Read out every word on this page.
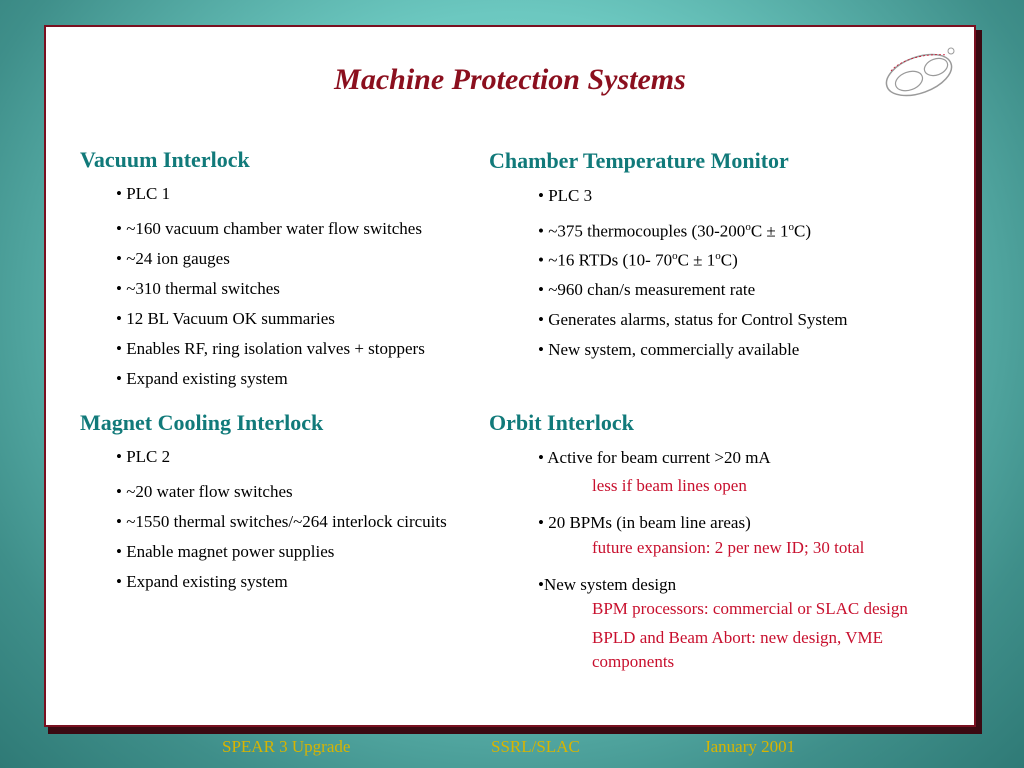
Machine Protection Systems
Vacuum Interlock
• PLC 1
• ~160 vacuum chamber water flow switches
• ~24 ion gauges
• ~310 thermal switches
• 12 BL Vacuum OK summaries
• Enables RF, ring isolation valves + stoppers
• Expand existing system
Chamber Temperature Monitor
• PLC 3
• ~375 thermocouples $(30-200^oC \pm 1^oC)$
• ~16 RTDs (10- $70^oC \pm 1^oC$)
• ~960 chan/s measurement rate
• Generates alarms, status for Control System
• New system, commercially available
Magnet Cooling Interlock
• PLC 2
• ~20 water flow switches
• ~1550 thermal switches/~264 interlock circuits
• Enable magnet power supplies
• Expand existing system
Orbit Interlock
• Active for beam current >20 mA
less if beam lines open
• 20 BPMs (in beam line areas)
future expansion: 2 per new ID; 30 total
•New system design
BPM processors: commercial or SLAC design
BPLD and Beam Abort: new design, VME
components
SPEAR 3 Upgrade	SSRL/SLAC	January 2001
